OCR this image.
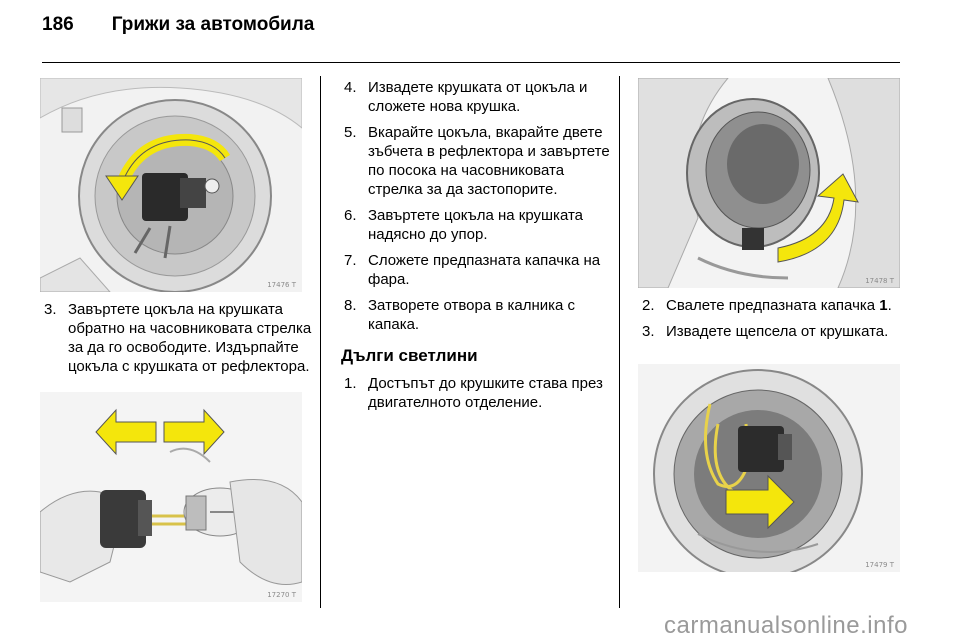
186 Грижи за автомобила
17476 T
3. Завъртете цокъла на крушката обратно на часовниковата стрелка за да го освободите. Издърпайте цокъла с крушката от рефлектора.
17270 T
4. Извадете крушката от цокъла и сложете нова крушка.
5. Вкарайте цокъла, вкарайте двете зъбчета в рефлектора и завъртете по посока на часовниковата стрелка за да застопорите.
6. Завъртете цокъла на крушката надясно до упор.
7. Сложете предпазната капачка на фара.
8. Затворете отвора в калника с капака.
Дълги светлини
1. Достъпът до крушките става през двигателното отделение.
17478 T
2. Свалете предпазната капачка 1.
3. Извадете щепсела от крушката.
17479 T
carmanualsonline.info
